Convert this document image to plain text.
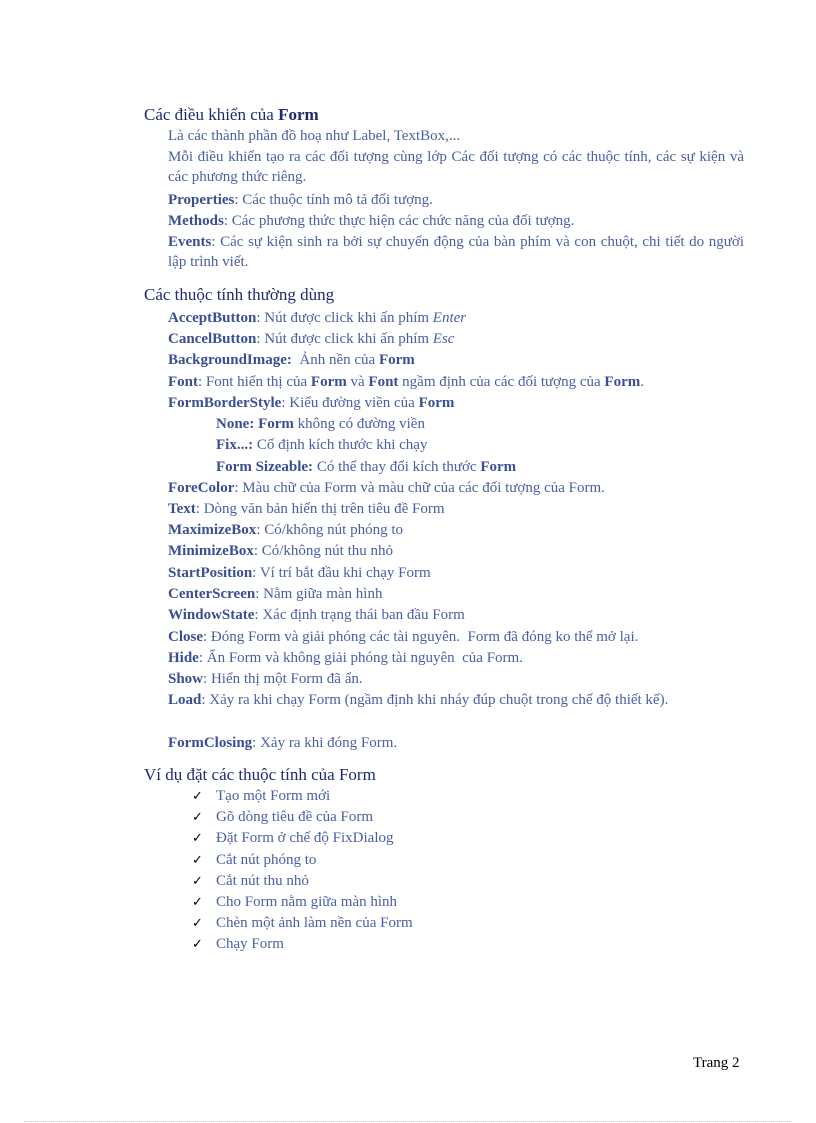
Các điều khiển của Form

Là các thành phần đồ hoạ như Label, TextBox,...

Mỗi điều khiển tạo ra các đối tượng cùng lớp Các đối tượng có các thuộc tính, các sự kiện và các phương thức riêng.

Properties: Các thuộc tính mô tả đối tượng.

Methods: Các phương thức thực hiện các chức năng của đối tượng.

Events: Các sự kiện sinh ra bởi sự chuyển động của bàn phím và con chuột, chi tiết do người lập trình viết.

Các thuộc tính thường dùng

AcceptButton: Nút được click khi ấn phím Enter

CancelButton: Nút được click khi ấn phím Esc

BackgroundImage:  Ảnh nền của Form

Font: Font hiển thị của Form và Font ngầm định của các đối tượng của Form.

FormBorderStyle: Kiểu đường viền của Form

None: Form không có đường viền

Fix...: Cố định kích thước khi chạy

Form Sizeable: Có thể thay đổi kích thước Form

ForeColor: Màu chữ của Form và màu chữ của các đối tượng của Form.

Text: Dòng văn bản hiển thị trên tiêu đề Form

MaximizeBox: Có/không nút phóng to

MinimizeBox: Có/không nút thu nhỏ

StartPosition: Ví trí bắt đầu khi chạy Form

CenterScreen: Nằm giữa màn hình

WindowState: Xác định trạng thái ban đầu Form

Close: Đóng Form và giải phóng các tài nguyên.  Form đã đóng ko thể mở lại.

Hide: Ẩn Form và không giải phóng tài nguyên  của Form.

Show: Hiển thị một Form đã ẩn.

Load: Xảy ra khi chạy Form (ngầm định khi nháy đúp chuột trong chế độ thiết kế).

FormClosing: Xảy ra khi đóng Form.

Ví dụ đặt các thuộc tính của Form
✓ Tạo một Form mới
✓ Gõ dòng tiêu đề của Form
✓ Đặt Form ở chế độ FixDialog
✓ Cắt nút phóng to
✓ Cắt nút thu nhỏ
✓ Cho Form nằm giữa màn hình
✓ Chèn một ảnh làm nền của Form
✓ Chạy Form
Trang 2
